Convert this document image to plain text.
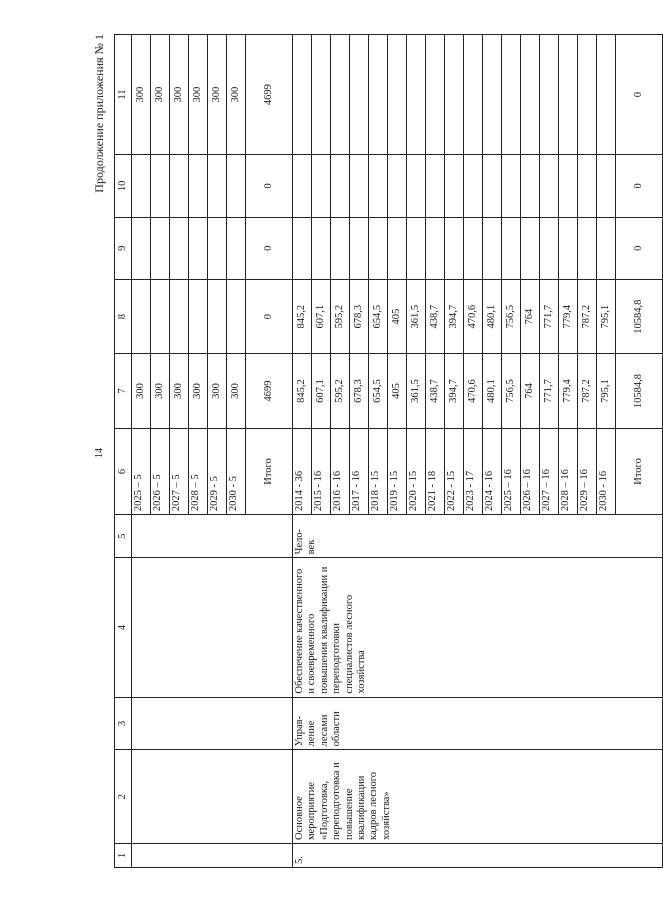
Продолжение приложения № 1
14
1	2	3	4	5	6	7	8	9	10	11
					2025 – 5	300				300
					2026 – 5	300				300
					2027 – 5	300				300
					2028 – 5	300				300
					2029 - 5	300				300
					2030 - 5	300				300
					Итого	4699	0	0	0	4699
5.	Основное мероприятие «Подготовка, переподготовка и повышение квалификации кадров лесного хозяйства»	Управ-ление лесами области	Обеспечение качественного и своевременного повышения квалификации и переподготовки специалистов лесного хозяйства	Чело-век	2014 - 36	845,2	845,2			
					2015 - 16	607,1	607,1			
					2016 - 16	595,2	595,2			
					2017 - 16	678,3	678,3			
					2018 - 15	654,5	654,5			
					2019 - 15	405	405			
					2020 - 15	361,5	361,5			
					2021 - 18	438,7	438,7			
					2022 - 15	394,7	394,7			
					2023 - 17	470,6	470,6			
					2024 - 16	480,1	480,1			
					2025 – 16	756,5	756,5			
					2026 – 16	764	764			
					2027 – 16	771,7	771,7			
					2028 – 16	779,4	779,4			
					2029 – 16	787,2	787,2			
					2030 - 16	795,1	795,1			
					Итого	10584,8	10584,8	0	0	0
